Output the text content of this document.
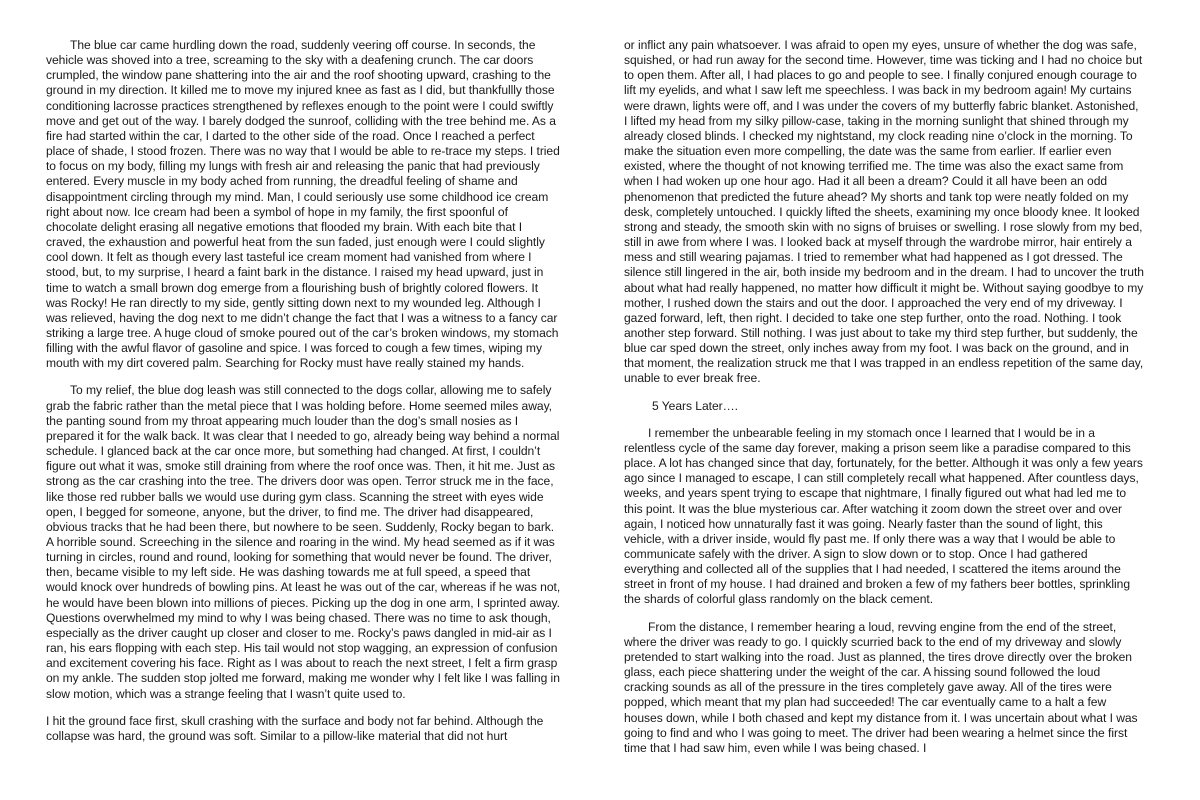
The blue car came hurdling down the road, suddenly veering off course. In seconds, the vehicle was shoved into a tree, screaming to the sky with a deafening crunch. The car doors crumpled, the window pane shattering into the air and the roof shooting upward, crashing to the ground in my direction. It killed me to move my injured knee as fast as I did, but thankfullly those conditioning lacrosse practices strengthened by reflexes enough to the point were I could swiftly move and get out of the way. I barely dodged the sunroof, colliding with the tree behind me. As a fire had started within the car, I darted to the other side of the road. Once I reached a perfect place of shade, I stood frozen. There was no way that I would be able to re-trace my steps. I tried to focus on my body, filling my lungs with fresh air and releasing the panic that had previously entered. Every muscle in my body ached from running, the dreadful feeling of shame and disappointment circling through my mind. Man, I could seriously use some childhood ice cream right about now. Ice cream had been a symbol of hope in my family, the first spoonful of chocolate delight erasing all negative emotions that flooded my brain. With each bite that I craved, the exhaustion and powerful heat from the sun faded, just enough were I could slightly cool down. It felt as though every last tasteful ice cream moment had vanished from where I stood, but, to my surprise, I heard a faint bark in the distance. I raised my head upward, just in time to watch a small brown dog emerge from a flourishing bush of brightly colored flowers. It was Rocky! He ran directly to my side, gently sitting down next to my wounded leg. Although I was relieved, having the dog next to me didn’t change the fact that I was a witness to a fancy car striking a large tree. A huge cloud of smoke poured out of the car’s broken windows, my stomach filling with the awful flavor of gasoline and spice. I was forced to cough a few times, wiping my mouth with my dirt covered palm. Searching for Rocky must have really stained my hands.

To my relief, the blue dog leash was still connected to the dogs collar, allowing me to safely grab the fabric rather than the metal piece that I was holding before. Home seemed miles away, the panting sound from my throat appearing much louder than the dog’s small nosies as I prepared it for the walk back. It was clear that I needed to go, already being way behind a normal schedule. I glanced back at the car once more, but something had changed. At first, I couldn’t figure out what it was, smoke still draining from where the roof once was. Then, it hit me. Just as strong as the car crashing into the tree. The drivers door was open. Terror struck me in the face, like those red rubber balls we would use during gym class. Scanning the street with eyes wide open, I begged for someone, anyone, but the driver, to find me. The driver had disappeared, obvious tracks that he had been there, but nowhere to be seen. Suddenly, Rocky began to bark. A horrible sound. Screeching in the silence and roaring in the wind. My head seemed as if it was turning in circles, round and round, looking for something that would never be found. The driver, then, became visible to my left side. He was dashing towards me at full speed, a speed that would knock over hundreds of bowling pins. At least he was out of the car, whereas if he was not, he would have been blown into millions of pieces. Picking up the dog in one arm, I sprinted away. Questions overwhelmed my mind to why I was being chased. There was no time to ask though, especially as the driver caught up closer and closer to me. Rocky’s paws dangled in mid-air as I ran, his ears flopping with each step. His tail would not stop wagging, an expression of confusion and excitement covering his face. Right as I was about to reach the next street, I felt a firm grasp on my ankle. The sudden stop jolted me forward, making me wonder why I felt like I was falling in slow motion, which was a strange feeling that I wasn’t quite used to.

I hit the ground face first, skull crashing with the surface and body not far behind. Although the collapse was hard, the ground was soft. Similar to a pillow-like material that did not hurt

or inflict any pain whatsoever. I was afraid to open my eyes, unsure of whether the dog was safe, squished, or had run away for the second time. However, time was ticking and I had no choice but to open them. After all, I had places to go and people to see. I finally conjured enough courage to lift my eyelids, and what I saw left me speechless. I was back in my bedroom again! My curtains were drawn, lights were off, and I was under the covers of my butterfly fabric blanket. Astonished, I lifted my head from my silky pillow-case, taking in the morning sunlight that shined through my already closed blinds. I checked my nightstand, my clock reading nine o’clock in the morning. To make the situation even more compelling, the date was the same from earlier. If earlier even existed, where the thought of not knowing terrified me. The time was also the exact same from when I had woken up one hour ago. Had it all been a dream? Could it all have been an odd phenomenon that predicted the future ahead? My shorts and tank top were neatly folded on my desk, completely untouched. I quickly lifted the sheets, examining my once bloody knee. It looked strong and steady, the smooth skin with no signs of bruises or swelling. I rose slowly from my bed, still in awe from where I was. I looked back at myself through the wardrobe mirror, hair entirely a mess and still wearing pajamas. I tried to remember what had happened as I got dressed. The silence still lingered in the air, both inside my bedroom and in the dream. I had to uncover the truth about what had really happened, no matter how difficult it might be. Without saying goodbye to my mother, I rushed down the stairs and out the door. I approached the very end of my driveway. I gazed forward, left, then right. I decided to take one step further, onto the road. Nothing. I took another step forward. Still nothing. I was just about to take my third step further, but suddenly, the blue car sped down the street, only inches away from my foot. I was back on the ground, and in that moment, the realization struck me that I was trapped in an endless repetition of the same day, unable to ever break free.

5 Years Later….

I remember the unbearable feeling in my stomach once I learned that I would be in a relentless cycle of the same day forever, making a prison seem like a paradise compared to this place. A lot has changed since that day, fortunately, for the better. Although it was only a few years ago since I managed to escape, I can still completely recall what happened. After countless days, weeks, and years spent trying to escape that nightmare, I finally figured out what had led me to this point. It was the blue mysterious car. After watching it zoom down the street over and over again, I noticed how unnaturally fast it was going. Nearly faster than the sound of light, this vehicle, with a driver inside, would fly past me. If only there was a way that I would be able to communicate safely with the driver. A sign to slow down or to stop. Once I had gathered everything and collected all of the supplies that I had needed, I scattered the items around the street in front of my house. I had drained and broken a few of my fathers beer bottles, sprinkling the shards of colorful glass randomly on the black cement.

From the distance, I remember hearing a loud, revving engine from the end of the street, where the driver was ready to go. I quickly scurried back to the end of my driveway and slowly pretended to start walking into the road. Just as planned, the tires drove directly over the broken glass, each piece shattering under the weight of the car. A hissing sound followed the loud cracking sounds as all of the pressure in the tires completely gave away. All of the tires were popped, which meant that my plan had succeeded! The car eventually came to a halt a few houses down, while I both chased and kept my distance from it. I was uncertain about what I was going to find and who I was going to meet. The driver had been wearing a helmet since the first time that I had saw him, even while I was being chased. I
